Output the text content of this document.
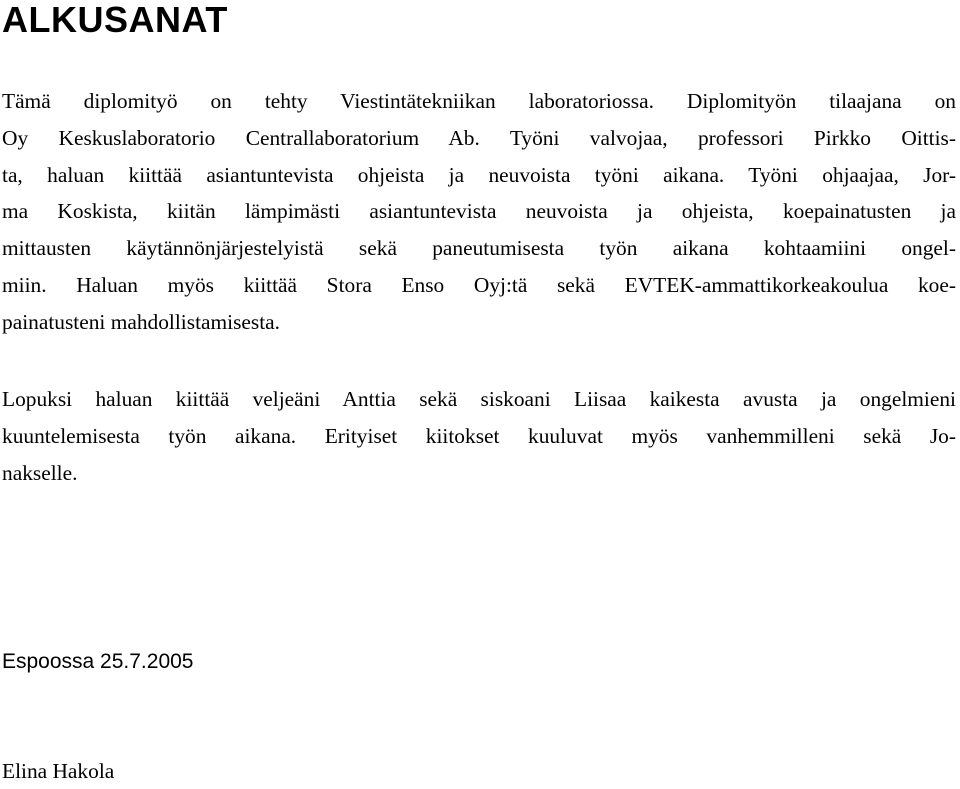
ALKUSANAT
Tämä diplomityö on tehty Viestintätekniikan laboratoriossa. Diplomityön tilaajana on
Oy Keskuslaboratorio Centrallaboratorium Ab. Työni valvojaa, professori Pirkko Oittis-
ta, haluan kiittää asiantuntevista ohjeista ja neuvoista työni aikana. Työni ohjaajaa, Jor-
ma Koskista, kiitän lämpimästi asiantuntevista neuvoista ja ohjeista, koepainatusten ja
mittausten käytännönjärjestelyistä sekä paneutumisesta työn aikana kohtaamiini ongel-
miin. Haluan myös kiittää Stora Enso Oyj:tä sekä EVTEK-ammattikorkeakoulua koe-
painatusteni mahdollistamisesta.
Lopuksi haluan kiittää veljeäni Anttia sekä siskoani Liisaa kaikesta avusta ja ongelmieni
kuuntelemisesta työn aikana. Erityiset kiitokset kuuluvat myös vanhemmilleni sekä Jo-
nakselle.

Espoossa 25.7.2005

Elina Hakola
